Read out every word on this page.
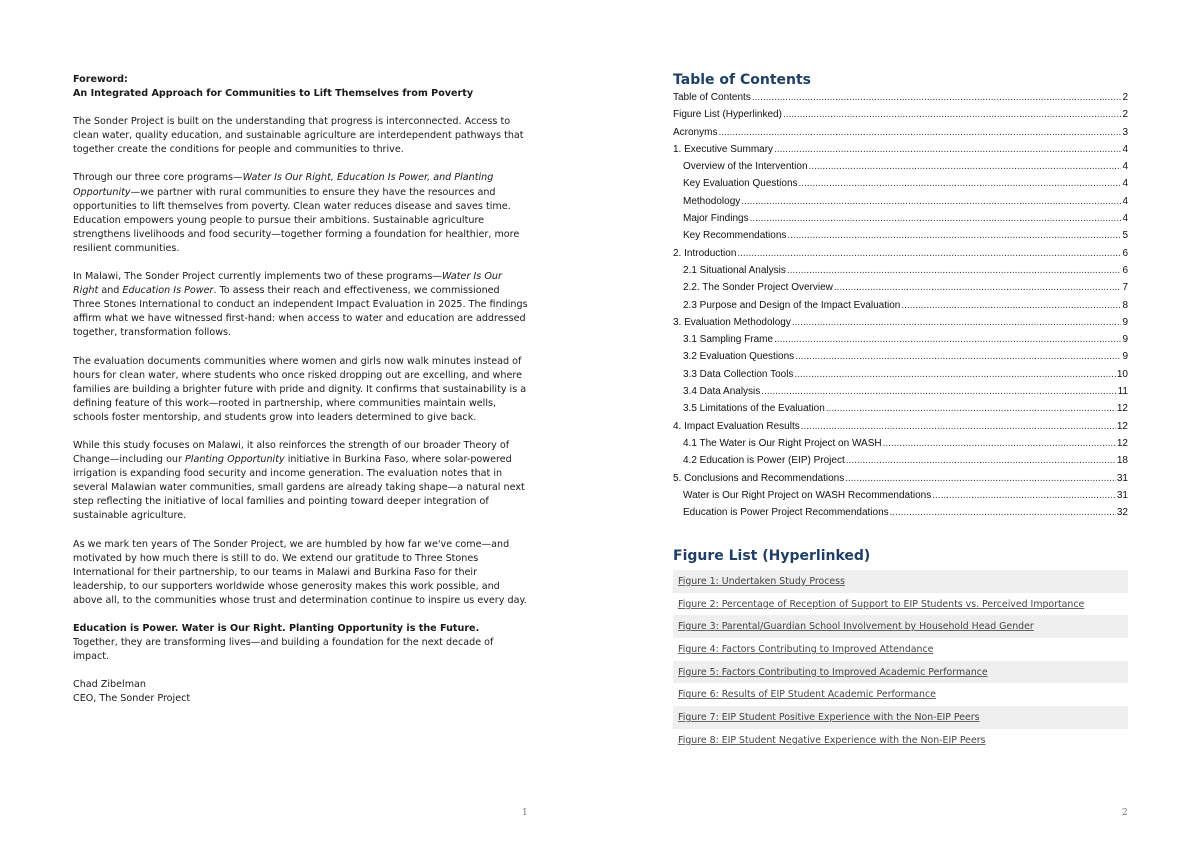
Foreword:

An Integrated Approach for Communities to Lift Themselves from Poverty

The Sonder Project is built on the understanding that progress is interconnected. Access to clean water, quality education, and sustainable agriculture are interdependent pathways that together create the conditions for people and communities to thrive.

Through our three core programs—Water Is Our Right, Education Is Power, and Planting Opportunity—we partner with rural communities to ensure they have the resources and opportunities to lift themselves from poverty. Clean water reduces disease and saves time. Education empowers young people to pursue their ambitions. Sustainable agriculture strengthens livelihoods and food security—together forming a foundation for healthier, more resilient communities.

In Malawi, The Sonder Project currently implements two of these programs—Water Is Our Right and Education Is Power. To assess their reach and effectiveness, we commissioned Three Stones International to conduct an independent Impact Evaluation in 2025. The findings affirm what we have witnessed first-hand: when access to water and education are addressed together, transformation follows.

The evaluation documents communities where women and girls now walk minutes instead of hours for clean water, where students who once risked dropping out are excelling, and where families are building a brighter future with pride and dignity. It confirms that sustainability is a defining feature of this work—rooted in partnership, where communities maintain wells, schools foster mentorship, and students grow into leaders determined to give back.

While this study focuses on Malawi, it also reinforces the strength of our broader Theory of Change—including our Planting Opportunity initiative in Burkina Faso, where solar-powered irrigation is expanding food security and income generation. The evaluation notes that in several Malawian water communities, small gardens are already taking shape—a natural next step reflecting the initiative of local families and pointing toward deeper integration of sustainable agriculture.

As we mark ten years of The Sonder Project, we are humbled by how far we've come—and motivated by how much there is still to do. We extend our gratitude to Three Stones International for their partnership, to our teams in Malawi and Burkina Faso for their leadership, to our supporters worldwide whose generosity makes this work possible, and above all, to the communities whose trust and determination continue to inspire us every day.

Education is Power. Water is Our Right. Planting Opportunity is the Future.
Together, they are transforming lives—and building a foundation for the next decade of impact.

Chad Zibelman

CEO, The Sonder Project

1
Table of Contents
Table of Contents .....	2
Figure List (Hyperlinked) .....	2
Acronyms .....	3
1. Executive Summary .....	4
Overview of the Intervention .....	4
Key Evaluation Questions .....	4
Methodology .....	4
Major Findings .....	4
Key Recommendations .....	5
2. Introduction .....	6
2.1 Situational Analysis .....	6
2.2. The Sonder Project Overview .....	7
2.3 Purpose and Design of the Impact Evaluation .....	8
3. Evaluation Methodology .....	9
3.1 Sampling Frame .....	9
3.2 Evaluation Questions .....	9
3.3 Data Collection Tools .....	10
3.4 Data Analysis .....	11
3.5 Limitations of the Evaluation .....	12
4. Impact Evaluation Results .....	12
4.1 The Water is Our Right Project on WASH .....	12
4.2 Education is Power (EIP) Project .....	18
5. Conclusions and Recommendations .....	31
Water is Our Right Project on WASH Recommendations .....	31
Education is Power Project Recommendations .....	32
Figure List (Hyperlinked)
Figure 1: Undertaken Study Process
Figure 2: Percentage of Reception of Support to EIP Students vs. Perceived Importance
Figure 3: Parental/Guardian School Involvement by Household Head Gender
Figure 4: Factors Contributing to Improved Attendance
Figure 5: Factors Contributing to Improved Academic Performance
Figure 6: Results of EIP Student Academic Performance
Figure 7: EIP Student Positive Experience with the Non-EIP Peers
Figure 8: EIP Student Negative Experience with the Non-EIP Peers
2
